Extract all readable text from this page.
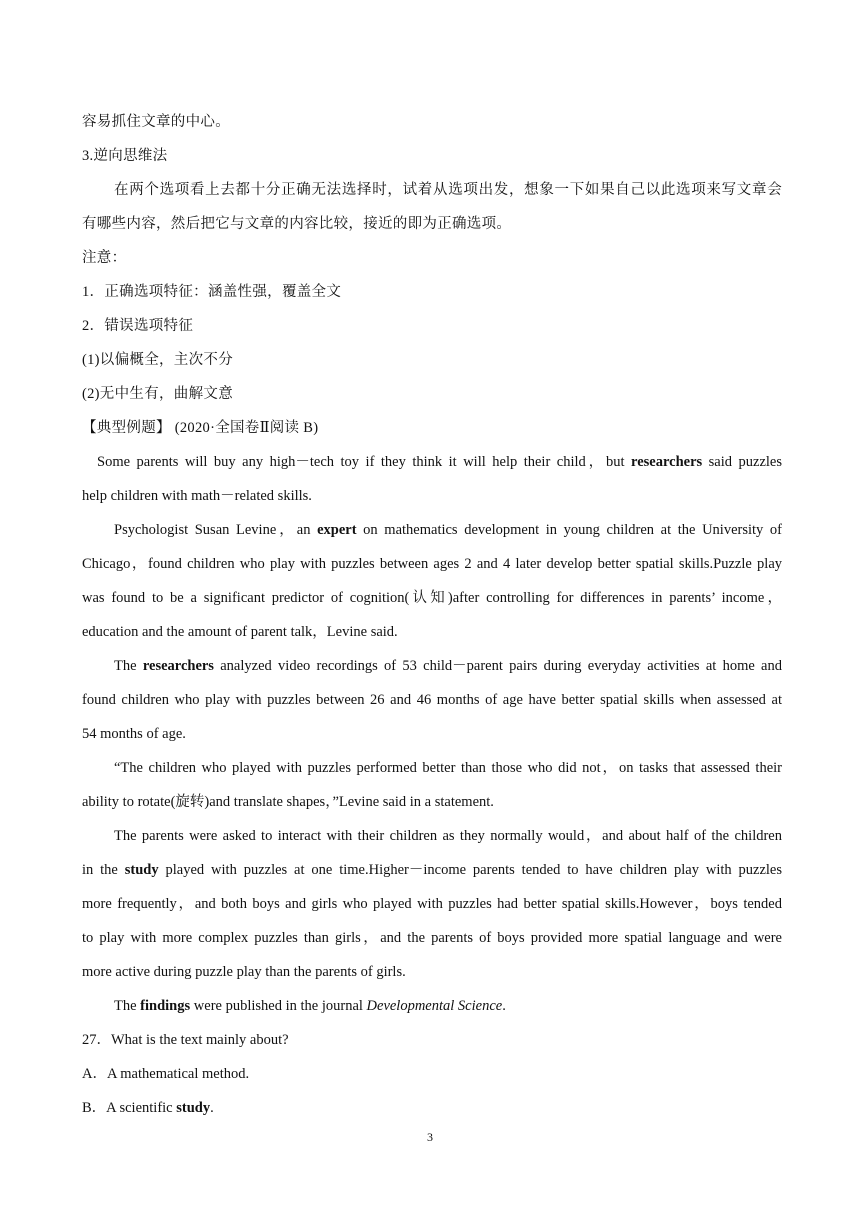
容易抓住文章的中心。

3.逆向思维法

在两个选项看上去都十分正确无法选择时，试着从选项出发，想象一下如果自己以此选项来写文章会

有哪些内容，然后把它与文章的内容比较，接近的即为正确选项。

注意：

1．正确选项特征：涵盖性强，覆盖全文

2．错误选项特征

(1)以偏概全，主次不分

(2)无中生有，曲解文意

【典型例题】 (2020·全国卷Ⅱ阅读 B)

Some parents will buy any high－tech toy if they think it will help their child，but researchers said puzzles

help children with math－related skills.

Psychologist Susan Levine，an expert on mathematics development in young children at the University of

Chicago，found children who play with puzzles between ages 2 and 4 later develop better spatial skills.Puzzle play

was found to be a significant predictor of cognition(认知)after controlling for differences in parents’ income，

education and the amount of parent talk，Levine said.

The researchers analyzed video recordings of 53 child－parent pairs during everyday activities at home and

found children who play with puzzles between 26 and 46 months of age have better spatial skills when assessed at

54 months of age.

“The children who played with puzzles performed better than those who did not，on tasks that assessed their

ability to rotate(旋转)and translate shapes，”Levine said in a statement.

The parents were asked to interact with their children as they normally would，and about half of the children

in the study played with puzzles at one time.Higher－income parents tended to have children play with puzzles

more frequently，and both boys and girls who played with puzzles had better spatial skills.However，boys tended

to play with more complex puzzles than girls，and the parents of boys provided more spatial language and were

more active during puzzle play than the parents of girls.

The findings were published in the journal Developmental Science.

27．What is the text mainly about?

A．A mathematical method.

B．A scientific study.

3
